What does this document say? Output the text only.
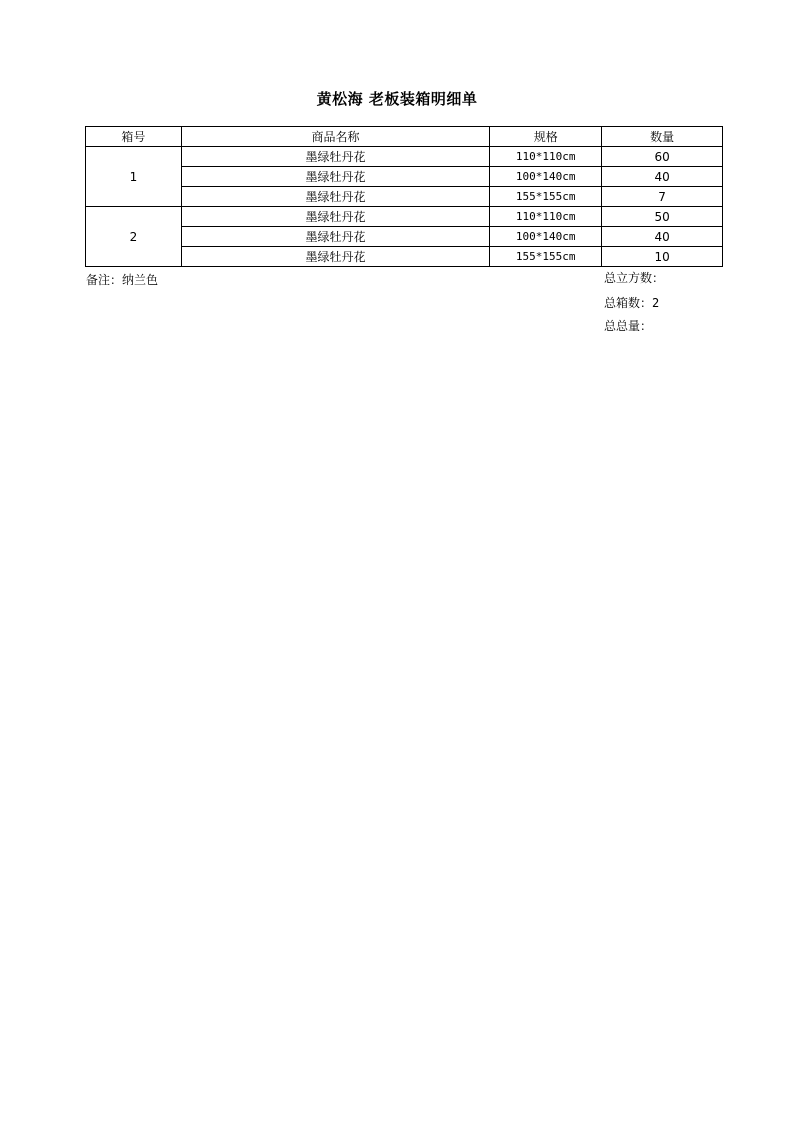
黄松海 老板装箱明细单
箱号	商品名称	规格	数量
1	墨绿牡丹花	110*110cm	60
	墨绿牡丹花	100*140cm	40
	墨绿牡丹花	155*155cm	7
2	墨绿牡丹花	110*110cm	50
	墨绿牡丹花	100*140cm	40
	墨绿牡丹花	155*155cm	10
备注：纳兰色	总立方数：
总箱数：2
总总量：
